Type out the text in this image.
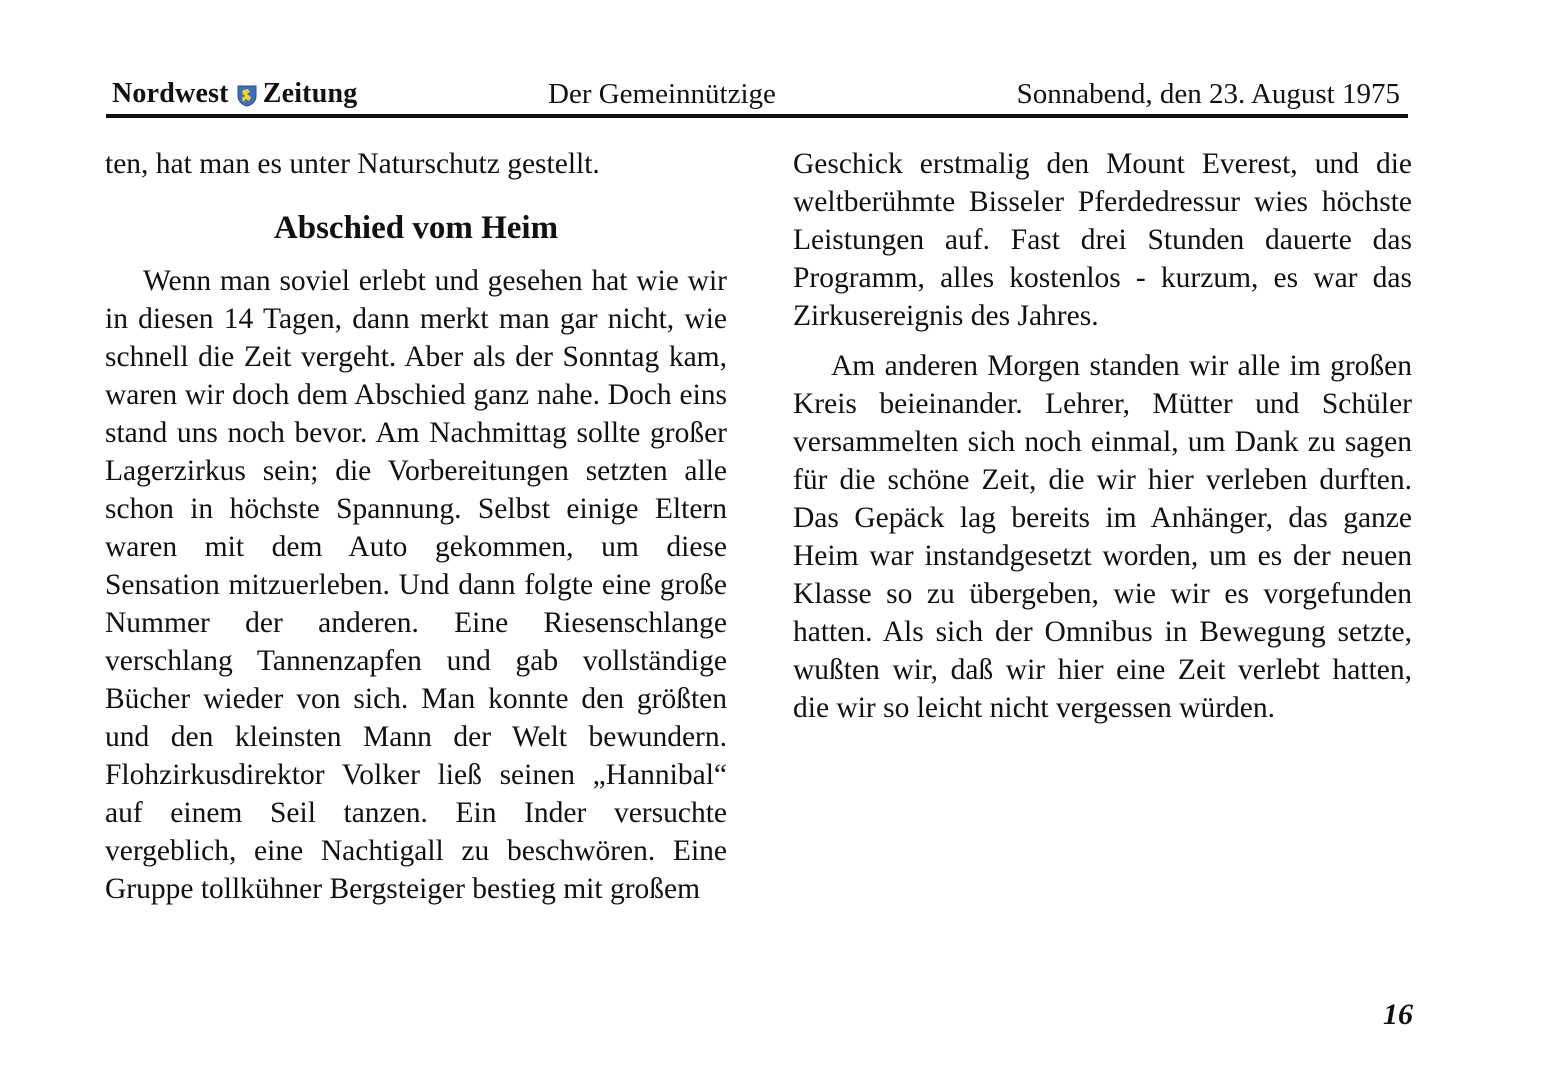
Nordwest Zeitung	Der Gemeinnützige	Sonnabend, den 23. August 1975

ten, hat man es unter Naturschutz gestellt.

Abschied vom Heim

Wenn man soviel erlebt und gesehen hat wie wir in diesen 14 Tagen, dann merkt man gar nicht, wie schnell die Zeit vergeht. Aber als der Sonntag kam, waren wir doch dem Abschied ganz nahe. Doch eins stand uns noch bevor. Am Nachmittag sollte großer Lagerzirkus sein; die Vorbereitungen setzten alle schon in höchste Spannung. Selbst einige Eltern waren mit dem Auto gekommen, um diese Sensation mitzuerleben. Und dann folgte eine große Nummer der anderen. Eine Riesenschlange verschlang Tannenzapfen und gab vollständige Bücher wieder von sich. Man konnte den größten und den kleinsten Mann der Welt bewundern. Flohzirkusdirektor Volker ließ seinen „Hannibal“ auf einem Seil tanzen. Ein Inder versuchte vergeblich, eine Nachtigall zu beschwören. Eine Gruppe tollkühner Bergsteiger bestieg mit großem

Geschick erstmalig den Mount Everest, und die weltberühmte Bisseler Pferdedressur wies höchste Leistungen auf. Fast drei Stunden dauerte das Programm, alles kostenlos - kurzum, es war das Zirkusereignis des Jahres.

Am anderen Morgen standen wir alle im großen Kreis beieinander. Lehrer, Mütter und Schüler versammelten sich noch einmal, um Dank zu sagen für die schöne Zeit, die wir hier verleben durften. Das Gepäck lag bereits im Anhänger, das ganze Heim war instandgesetzt worden, um es der neuen Klasse so zu übergeben, wie wir es vorgefunden hatten. Als sich der Omnibus in Bewegung setzte, wußten wir, daß wir hier eine Zeit verlebt hatten, die wir so leicht nicht vergessen würden.

16
